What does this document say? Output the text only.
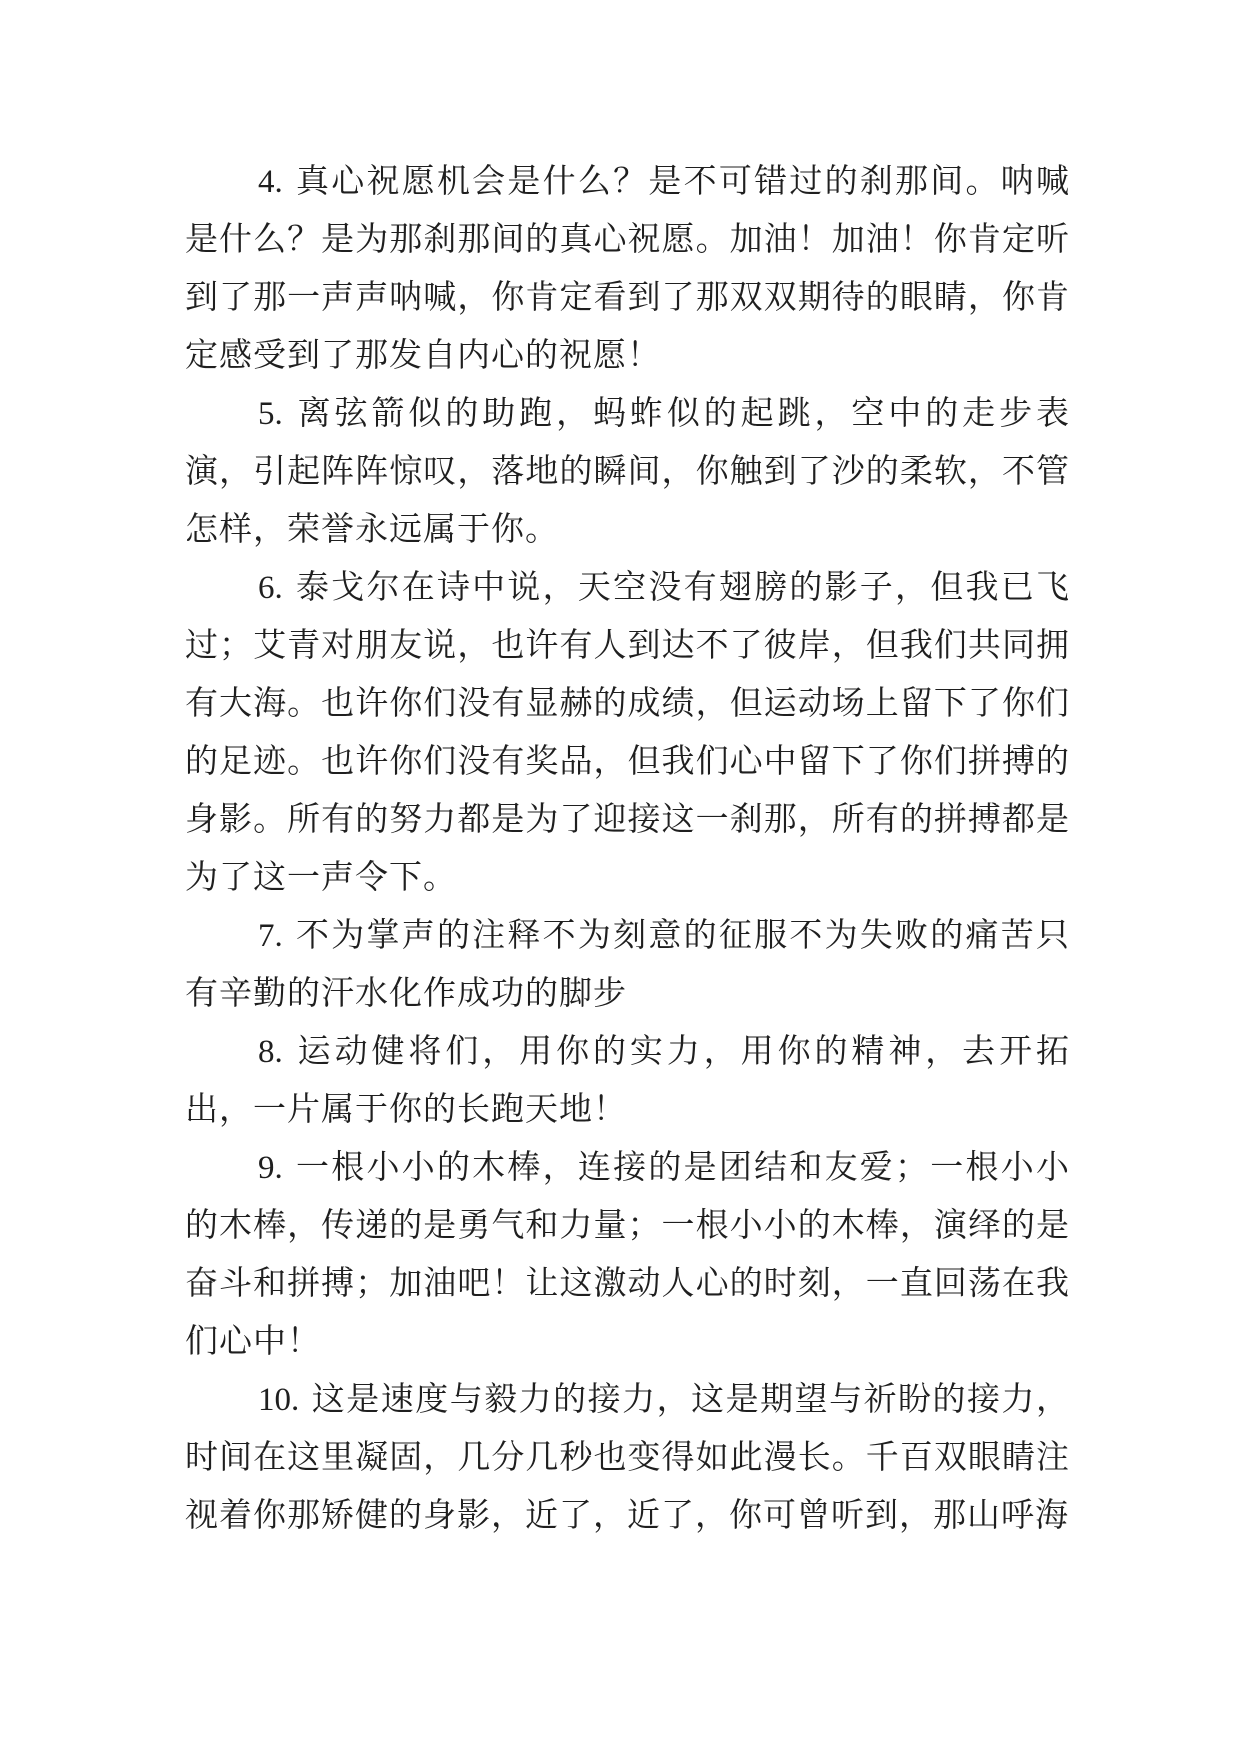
4. 真心祝愿机会是什么？是不可错过的刹那间。呐喊是什么？是为那刹那间的真心祝愿。加油！加油！你肯定听到了那一声声呐喊，你肯定看到了那双双期待的眼睛，你肯定感受到了那发自内心的祝愿！

5. 离弦箭似的助跑，蚂蚱似的起跳，空中的走步表演，引起阵阵惊叹，落地的瞬间，你触到了沙的柔软，不管怎样，荣誉永远属于你。

6. 泰戈尔在诗中说，天空没有翅膀的影子，但我已飞过；艾青对朋友说，也许有人到达不了彼岸，但我们共同拥有大海。也许你们没有显赫的成绩，但运动场上留下了你们的足迹。也许你们没有奖品，但我们心中留下了你们拼搏的身影。所有的努力都是为了迎接这一刹那，所有的拼搏都是为了这一声令下。

7. 不为掌声的注释不为刻意的征服不为失败的痛苦只有辛勤的汗水化作成功的脚步

8. 运动健将们，用你的实力，用你的精神，去开拓出，一片属于你的长跑天地！

9. 一根小小的木棒，连接的是团结和友爱；一根小小的木棒，传递的是勇气和力量；一根小小的木棒，演绎的是奋斗和拼搏；加油吧！让这激动人心的时刻，一直回荡在我们心中！

10. 这是速度与毅力的接力，这是期望与祈盼的接力，时间在这里凝固，几分几秒也变得如此漫长。千百双眼睛注视着你那矫健的身影，近了，近了，你可曾听到，那山呼海
